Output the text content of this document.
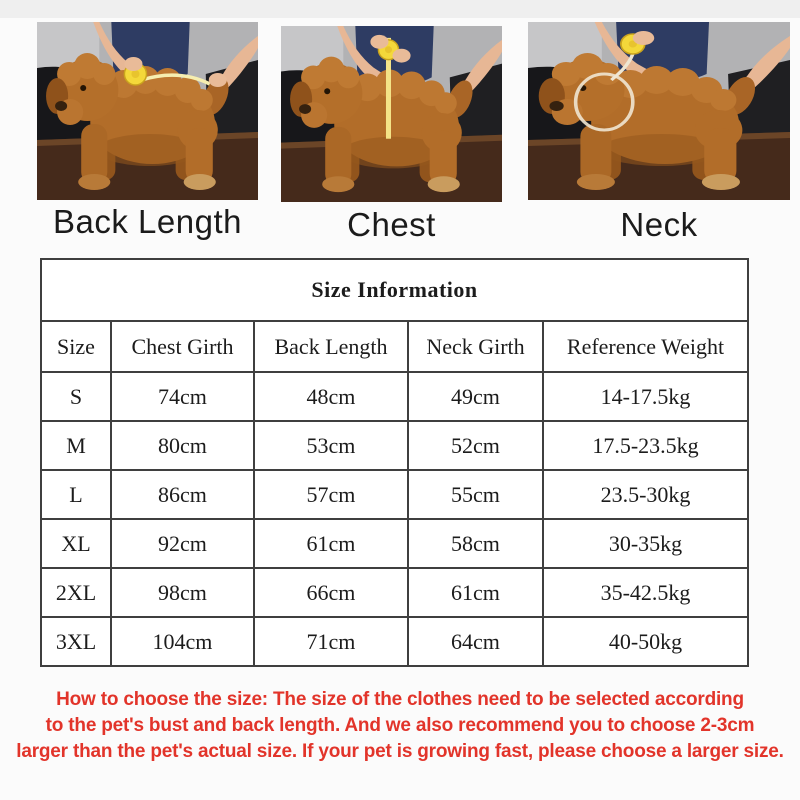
Back Length	Chest	Neck
Size Information				
Size	Chest Girth	Back Length	Neck Girth	Reference Weight
S	74cm	48cm	49cm	14-17.5kg
M	80cm	53cm	52cm	17.5-23.5kg
L	86cm	57cm	55cm	23.5-30kg
XL	92cm	61cm	58cm	30-35kg
2XL	98cm	66cm	61cm	35-42.5kg
3XL	104cm	71cm	64cm	40-50kg
How to choose the size: The size of the clothes need to be selected according
to the pet's bust and back length. And we also recommend you to choose 2-3cm
larger than the pet's actual size. If your pet is growing fast, please choose a larger size.
